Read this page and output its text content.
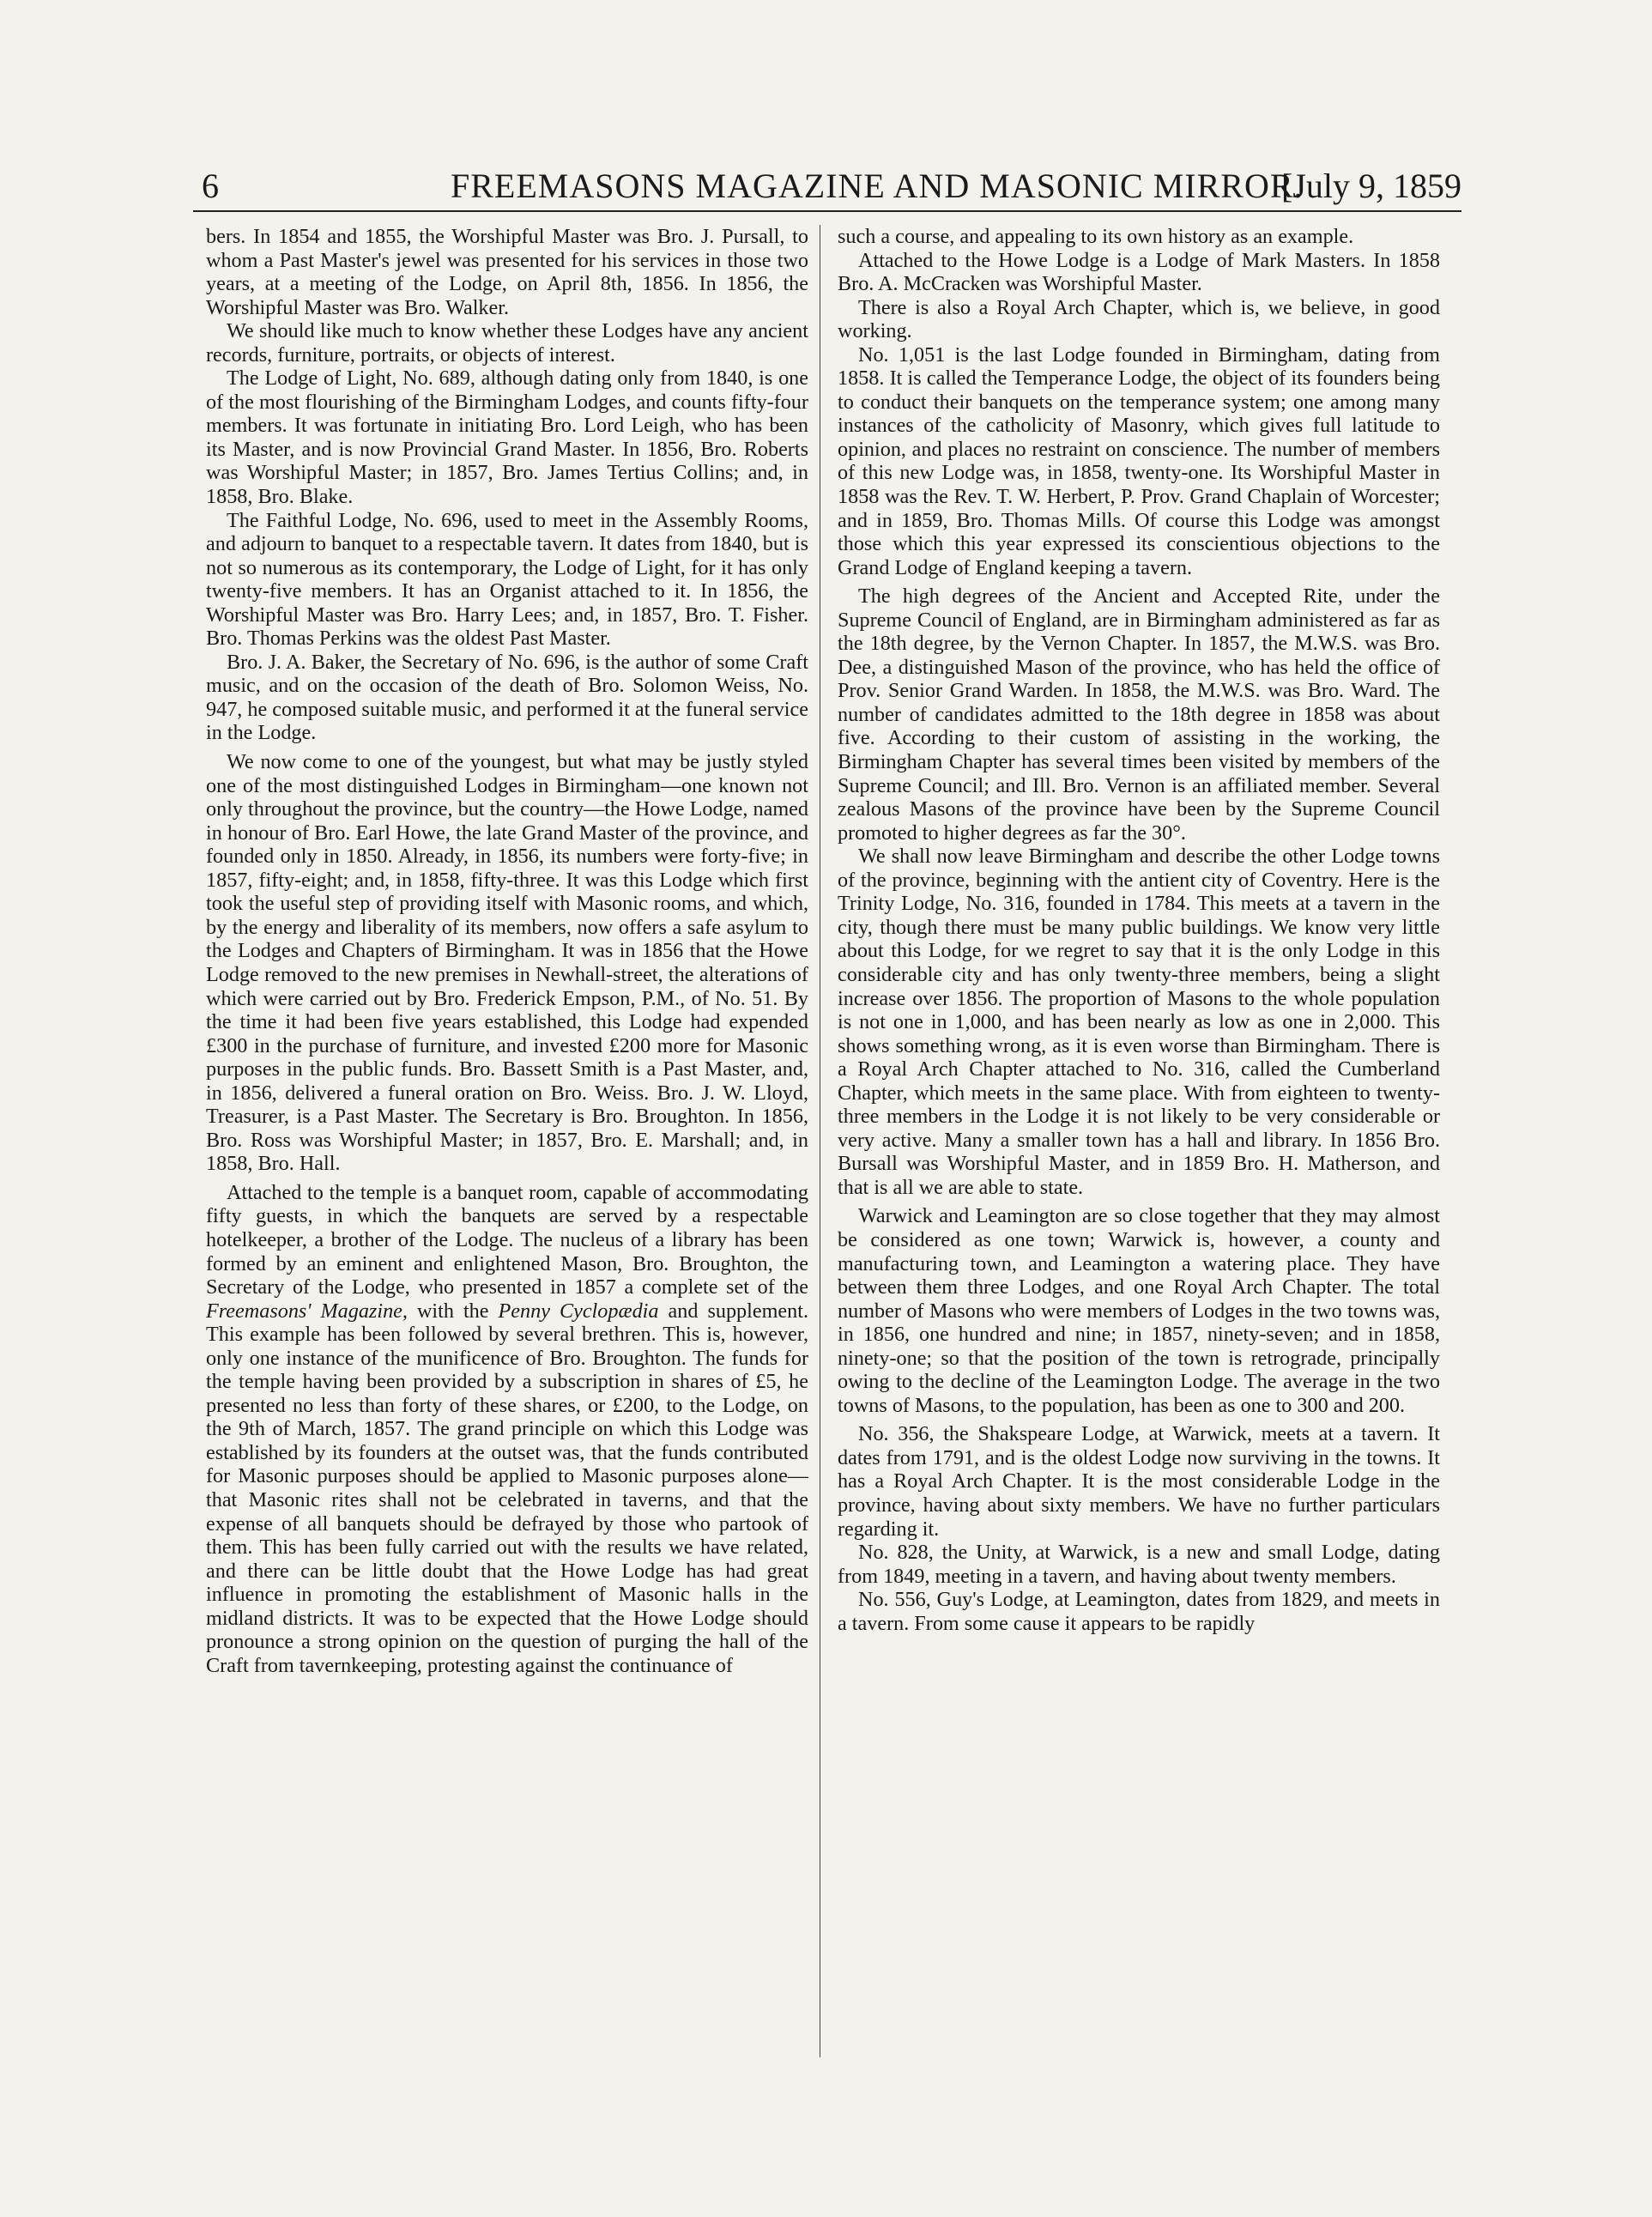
6	FREEMASONS MAGAZINE AND MASONIC MIRROR.
[July 9, 1859

bers. In 1854 and 1855, the Worshipful Master was Bro. J. Pursall, to whom a Past Master's jewel was presented for his services in those two years, at a meeting of the Lodge, on April 8th, 1856. In 1856, the Worshipful Master was Bro. Walker.

We should like much to know whether these Lodges have any ancient records, furniture, portraits, or objects of interest.

The Lodge of Light, No. 689, although dating only from 1840, is one of the most flourishing of the Birmingham Lodges, and counts fifty-four members. It was fortunate in initiating Bro. Lord Leigh, who has been its Master, and is now Provincial Grand Master. In 1856, Bro. Roberts was Worshipful Master; in 1857, Bro. James Tertius Collins; and, in 1858, Bro. Blake.

The Faithful Lodge, No. 696, used to meet in the Assembly Rooms, and adjourn to banquet to a respectable tavern. It dates from 1840, but is not so numerous as its contemporary, the Lodge of Light, for it has only twenty-five members. It has an Organist attached to it. In 1856, the Worshipful Master was Bro. Harry Lees; and, in 1857, Bro. T. Fisher. Bro. Thomas Perkins was the oldest Past Master.

Bro. J. A. Baker, the Secretary of No. 696, is the author of some Craft music, and on the occasion of the death of Bro. Solomon Weiss, No. 947, he composed suitable music, and performed it at the funeral service in the Lodge.

We now come to one of the youngest, but what may be justly styled one of the most distinguished Lodges in Birmingham—one known not only throughout the province, but the country—the Howe Lodge, named in honour of Bro. Earl Howe, the late Grand Master of the province, and founded only in 1850. Already, in 1856, its numbers were forty-five; in 1857, fifty-eight; and, in 1858, fifty-three. It was this Lodge which first took the useful step of providing itself with Masonic rooms, and which, by the energy and liberality of its members, now offers a safe asylum to the Lodges and Chapters of Birmingham. It was in 1856 that the Howe Lodge removed to the new premises in Newhall-street, the alterations of which were carried out by Bro. Frederick Empson, P.M., of No. 51. By the time it had been five years established, this Lodge had expended £300 in the purchase of furniture, and invested £200 more for Masonic purposes in the public funds. Bro. Bassett Smith is a Past Master, and, in 1856, delivered a funeral oration on Bro. Weiss. Bro. J. W. Lloyd, Treasurer, is a Past Master. The Secretary is Bro. Broughton. In 1856, Bro. Ross was Worshipful Master; in 1857, Bro. E. Marshall; and, in 1858, Bro. Hall.

Attached to the temple is a banquet room, capable of accommodating fifty guests, in which the banquets are served by a respectable hotelkeeper, a brother of the Lodge. The nucleus of a library has been formed by an eminent and enlightened Mason, Bro. Broughton, the Secretary of the Lodge, who presented in 1857 a complete set of the Freemasons' Magazine, with the Penny Cyclopædia and supplement. This example has been followed by several brethren. This is, however, only one instance of the munificence of Bro. Broughton. The funds for the temple having been provided by a subscription in shares of £5, he presented no less than forty of these shares, or £200, to the Lodge, on the 9th of March, 1857. The grand principle on which this Lodge was established by its founders at the outset was, that the funds contributed for Masonic purposes should be applied to Masonic purposes alone—that Masonic rites shall not be celebrated in taverns, and that the expense of all banquets should be defrayed by those who partook of them. This has been fully carried out with the results we have related, and there can be little doubt that the Howe Lodge has had great influence in promoting the establishment of Masonic halls in the midland districts. It was to be expected that the Howe Lodge should pronounce a strong opinion on the question of purging the hall of the Craft from tavernkeeping, protesting against the continuance of

such a course, and appealing to its own history as an example.

Attached to the Howe Lodge is a Lodge of Mark Masters. In 1858 Bro. A. McCracken was Worshipful Master.

There is also a Royal Arch Chapter, which is, we believe, in good working.

No. 1,051 is the last Lodge founded in Birmingham, dating from 1858. It is called the Temperance Lodge, the object of its founders being to conduct their banquets on the temperance system; one among many instances of the catholicity of Masonry, which gives full latitude to opinion, and places no restraint on conscience. The number of members of this new Lodge was, in 1858, twenty-one. Its Worshipful Master in 1858 was the Rev. T. W. Herbert, P. Prov. Grand Chaplain of Worcester; and in 1859, Bro. Thomas Mills. Of course this Lodge was amongst those which this year expressed its conscientious objections to the Grand Lodge of England keeping a tavern.

The high degrees of the Ancient and Accepted Rite, under the Supreme Council of England, are in Birmingham administered as far as the 18th degree, by the Vernon Chapter. In 1857, the M.W.S. was Bro. Dee, a distinguished Mason of the province, who has held the office of Prov. Senior Grand Warden. In 1858, the M.W.S. was Bro. Ward. The number of candidates admitted to the 18th degree in 1858 was about five. According to their custom of assisting in the working, the Birmingham Chapter has several times been visited by members of the Supreme Council; and Ill. Bro. Vernon is an affiliated member. Several zealous Masons of the province have been by the Supreme Council promoted to higher degrees as far the 30°.

We shall now leave Birmingham and describe the other Lodge towns of the province, beginning with the antient city of Coventry. Here is the Trinity Lodge, No. 316, founded in 1784. This meets at a tavern in the city, though there must be many public buildings. We know very little about this Lodge, for we regret to say that it is the only Lodge in this considerable city and has only twenty-three members, being a slight increase over 1856. The proportion of Masons to the whole population is not one in 1,000, and has been nearly as low as one in 2,000. This shows something wrong, as it is even worse than Birmingham. There is a Royal Arch Chapter attached to No. 316, called the Cumberland Chapter, which meets in the same place. With from eighteen to twenty-three members in the Lodge it is not likely to be very considerable or very active. Many a smaller town has a hall and library. In 1856 Bro. Bursall was Worshipful Master, and in 1859 Bro. H. Matherson, and that is all we are able to state.

Warwick and Leamington are so close together that they may almost be considered as one town; Warwick is, however, a county and manufacturing town, and Leamington a watering place. They have between them three Lodges, and one Royal Arch Chapter. The total number of Masons who were members of Lodges in the two towns was, in 1856, one hundred and nine; in 1857, ninety-seven; and in 1858, ninety-one; so that the position of the town is retrograde, principally owing to the decline of the Leamington Lodge. The average in the two towns of Masons, to the population, has been as one to 300 and 200.

No. 356, the Shakspeare Lodge, at Warwick, meets at a tavern. It dates from 1791, and is the oldest Lodge now surviving in the towns. It has a Royal Arch Chapter. It is the most considerable Lodge in the province, having about sixty members. We have no further particulars regarding it.

No. 828, the Unity, at Warwick, is a new and small Lodge, dating from 1849, meeting in a tavern, and having about twenty members.

No. 556, Guy's Lodge, at Leamington, dates from 1829, and meets in a tavern. From some cause it appears to be rapidly
